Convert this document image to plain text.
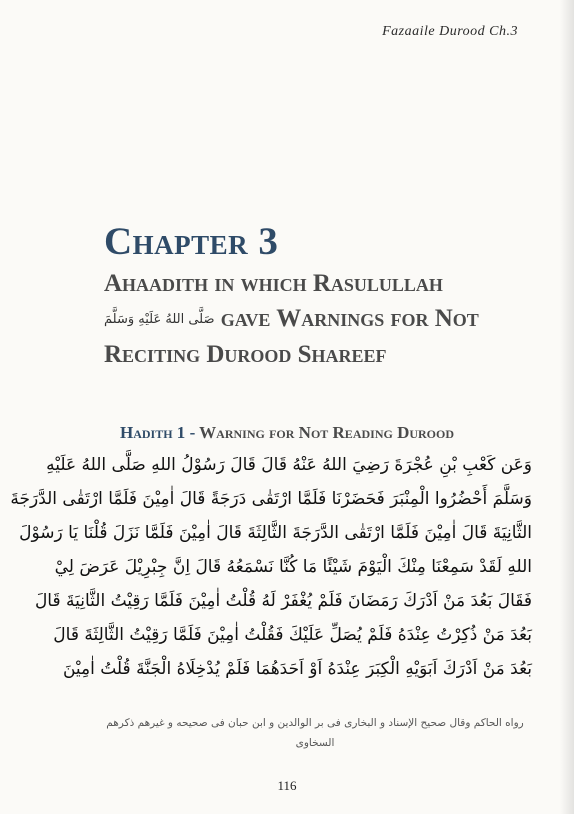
Fazaaile Durood Ch.3
Chapter 3
Ahaadith in which Rasulullah
صَلَّى اللهُ عَلَيْهِ وَسَلَّمَ gave Warnings for Not Reciting Durood Shareef
Hadith 1 - Warning for Not Reading Durood
وَعَن كَعْبِ بْنِ عُجْرَةَ رَضِيَ اللهُ عَنْهُ قَالَ قَالَ رَسُوْلُ اللهِ صَلَّى اللهُ عَلَيْهِ
وَسَلَّمَ أَحْضُرُوا الْمِنْبَرَ فَحَضَرْنَا فَلَمَّا ارْتَقٰى دَرَجَةً قَالَ اٰمِيْنَ فَلَمَّا ارْتَقٰى الدَّرَجَةَ
الثَّانِيَةَ قَالَ اٰمِيْنَ فَلَمَّا ارْتَقٰى الدَّرَجَةَ الثَّالِثَةَ قَالَ اٰمِيْنَ فَلَمَّا نَزَلَ قُلْنَا يَا رَسُوْلَ
اللهِ لَقَدْ سَمِعْنَا مِنْكَ الْيَوْمَ شَيْئًا مَا كُنَّا نَسْمَعُهُ قَالَ اِنَّ جِبْرِيْلَ عَرَضَ لِيْ
فَقَالَ بَعُدَ مَنْ اَدْرَكَ رَمَضَانَ فَلَمْ يُغْفَرْ لَهُ قُلْتُ اٰمِيْنَ فَلَمَّا رَقِيْتُ الثَّانِيَةَ قَالَ
بَعُدَ مَنْ ذُكِرْتُ عِنْدَهُ فَلَمْ يُصَلِّ عَلَيْكَ فَقُلْتُ اٰمِيْنَ فَلَمَّا رَقِيْتُ الثَّالِثَةَ قَالَ
بَعُدَ مَنْ اَدْرَكَ اَبَوَيْهِ الْكِبَرَ عِنْدَهُ اَوْ اَحَدَهُمَا فَلَمْ يُدْخِلَاهُ الْجَنَّةَ قُلْتُ اٰمِيْنَ
رواه الحاكم وقال صحيح الإسناد و البخاری فی بر الوالدین و ابن حبان فی صحیحه و غیرهم ذكرهم
السخاوی
116
